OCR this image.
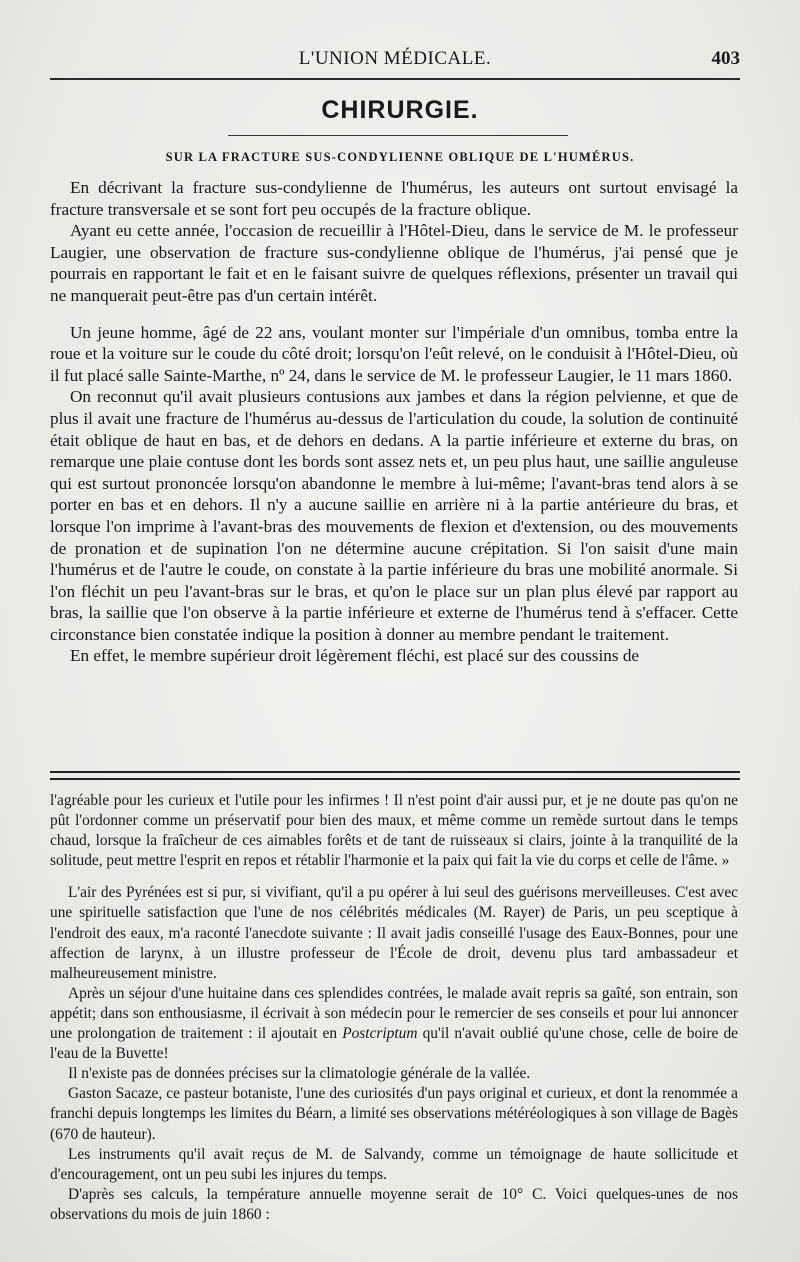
L'UNION MÉDICALE.	403
CHIRURGIE.
SUR LA FRACTURE SUS-CONDYLIENNE OBLIQUE DE L'HUMÉRUS.

En décrivant la fracture sus-condylienne de l'humérus, les auteurs ont surtout envisagé la fracture transversale et se sont fort peu occupés de la fracture oblique.

Ayant eu cette année, l'occasion de recueillir à l'Hôtel-Dieu, dans le service de M. le professeur Laugier, une observation de fracture sus-condylienne oblique de l'humérus, j'ai pensé que je pourrais en rapportant le fait et en le faisant suivre de quelques réflexions, présenter un travail qui ne manquerait peut-être pas d'un certain intérêt.

Un jeune homme, âgé de 22 ans, voulant monter sur l'impériale d'un omnibus, tomba entre la roue et la voiture sur le coude du côté droit; lorsqu'on l'eût relevé, on le conduisit à l'Hôtel-Dieu, où il fut placé salle Sainte-Marthe, nº 24, dans le service de M. le professeur Laugier, le 11 mars 1860.

On reconnut qu'il avait plusieurs contusions aux jambes et dans la région pelvienne, et que de plus il avait une fracture de l'humérus au-dessus de l'articulation du coude, la solution de continuité était oblique de haut en bas, et de dehors en dedans. A la partie inférieure et externe du bras, on remarque une plaie contuse dont les bords sont assez nets et, un peu plus haut, une saillie anguleuse qui est surtout prononcée lorsqu'on abandonne le membre à lui-même; l'avant-bras tend alors à se porter en bas et en dehors. Il n'y a aucune saillie en arrière ni à la partie antérieure du bras, et lorsque l'on imprime à l'avant-bras des mouvements de flexion et d'extension, ou des mouvements de pronation et de supination l'on ne détermine aucune crépitation. Si l'on saisit d'une main l'humérus et de l'autre le coude, on constate à la partie inférieure du bras une mobilité anormale. Si l'on fléchit un peu l'avant-bras sur le bras, et qu'on le place sur un plan plus élevé par rapport au bras, la saillie que l'on observe à la partie inférieure et externe de l'humérus tend à s'effacer. Cette circonstance bien constatée indique la position à donner au membre pendant le traitement.

En effet, le membre supérieur droit légèrement fléchi, est placé sur des coussins de

l'agréable pour les curieux et l'utile pour les infirmes ! Il n'est point d'air aussi pur, et je ne doute pas qu'on ne pût l'ordonner comme un préservatif pour bien des maux, et même comme un remède surtout dans le temps chaud, lorsque la fraîcheur de ces aimables forêts et de tant de ruisseaux si clairs, jointe à la tranquilité de la solitude, peut mettre l'esprit en repos et rétablir l'harmonie et la paix qui fait la vie du corps et celle de l'âme. »

L'air des Pyrénées est si pur, si vivifiant, qu'il a pu opérer à lui seul des guérisons merveilleuses. C'est avec une spirituelle satisfaction que l'une de nos célébrités médicales (M. Rayer) de Paris, un peu sceptique à l'endroit des eaux, m'a raconté l'anecdote suivante : Il avait jadis conseillé l'usage des Eaux-Bonnes, pour une affection de larynx, à un illustre professeur de l'École de droit, devenu plus tard ambassadeur et malheureusement ministre.

Après un séjour d'une huitaine dans ces splendides contrées, le malade avait repris sa gaîté, son entrain, son appétit; dans son enthousiasme, il écrivait à son médecin pour le remercier de ses conseils et pour lui annoncer une prolongation de traitement : il ajoutait en Postcriptum qu'il n'avait oublié qu'une chose, celle de boire de l'eau de la Buvette!

Il n'existe pas de données précises sur la climatologie générale de la vallée.

Gaston Sacaze, ce pasteur botaniste, l'une des curiosités d'un pays original et curieux, et dont la renommée a franchi depuis longtemps les limites du Béarn, a limité ses observations météréologiques à son village de Bagès (670 de hauteur).

Les instruments qu'il avait reçus de M. de Salvandy, comme un témoignage de haute sollicitude et d'encouragement, ont un peu subi les injures du temps.

D'après ses calculs, la température annuelle moyenne serait de 10° C. Voici quelques-unes de nos observations du mois de juin 1860 :
